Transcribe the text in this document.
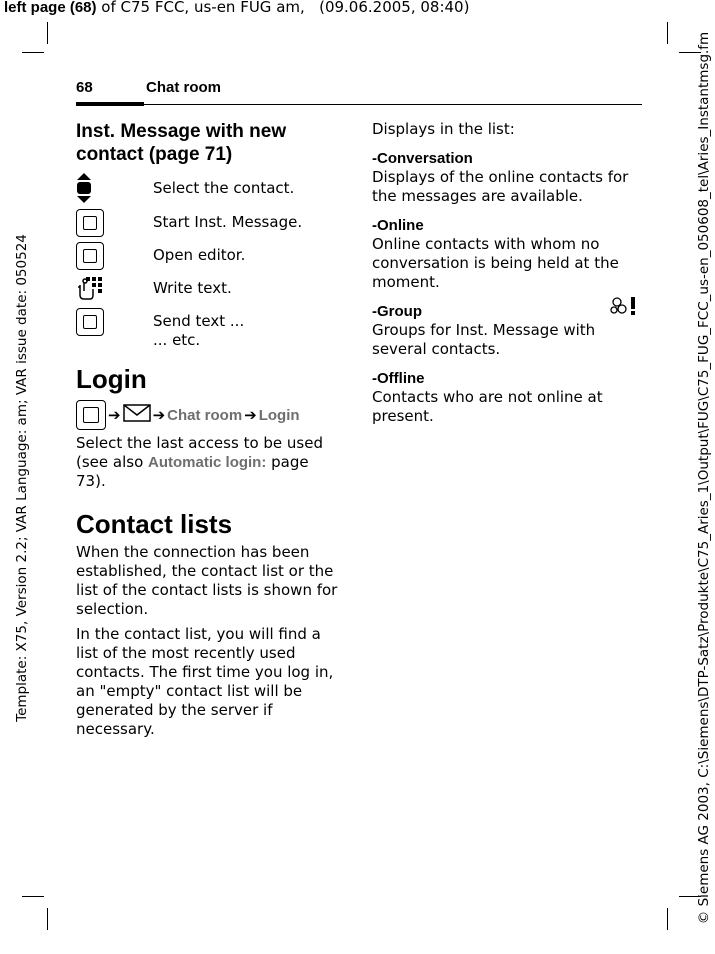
left page (68) of C75 FCC, us-en FUG am, (09.06.2005, 08:40)
Template: X75, Version 2.2; VAR Language: am; VAR issue date: 050524	© Siemens AG 2003, C:\Siemens\DTP-Satz\Produkte\C75_Aries_1\Output\FUG\C75_FUG_FCC_us-en_050608_tel\Aries_Instantmsg.fm
68	Chat room
Inst. Message with new contact (page 71)
Select the contact.
Start Inst. Message.
Open editor.
Write text.
Send text ...
... etc.
Login
➔ ➔ Chat room ➔ Login

Select the last access to be used (see also Automatic login: page 73).

Contact lists

When the connection has been established, the contact list or the list of the contact lists is shown for selection.

In the contact list, you will find a list of the most recently used contacts. The first time you log in, an "empty" contact list will be generated by the server if necessary.

Displays in the list:

-Conversation
Displays of the online contacts for the messages are available.
-Online
Online contacts with whom no conversation is being held at the moment.
-Group
Groups for Inst. Message with several contacts.
-Offline
Contacts who are not online at present.
